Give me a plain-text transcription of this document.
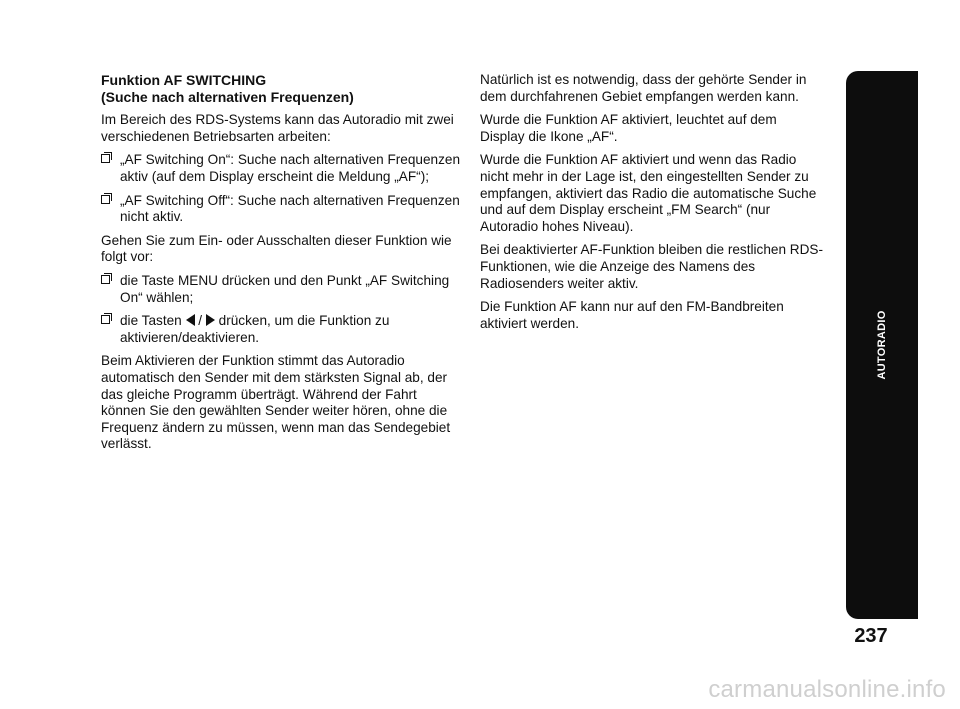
Funktion AF SWITCHING
(Suche nach alternativen Frequenzen)

Im Bereich des RDS-Systems kann das Autoradio mit zwei verschiedenen Betriebsarten arbeiten:

„AF Switching On“: Suche nach alternativen Frequenzen aktiv (auf dem Display erscheint die Meldung „AF“);
„AF Switching Off“: Suche nach alternativen Frequenzen nicht aktiv.

Gehen Sie zum Ein- oder Ausschalten dieser Funktion wie folgt vor:

die Taste MENU drücken und den Punkt „AF Switching On“ wählen;
die Tasten / drücken, um die Funktion zu aktivieren/deaktivieren.

Beim Aktivieren der Funktion stimmt das Autoradio automatisch den Sender mit dem stärksten Signal ab, der das gleiche Programm überträgt. Während der Fahrt können Sie den gewählten Sender weiter hören, ohne die Frequenz ändern zu müssen, wenn man das Sendegebiet verlässt.

Natürlich ist es notwendig, dass der gehörte Sender in dem durchfahrenen Gebiet empfangen werden kann.

Wurde die Funktion AF aktiviert, leuchtet auf dem Display die Ikone „AF“.

Wurde die Funktion AF aktiviert und wenn das Radio nicht mehr in der Lage ist, den eingestellten Sender zu empfangen, aktiviert das Radio die automatische Suche und auf dem Display erscheint „FM Search“ (nur Autoradio hohes Niveau).

Bei deaktivierter AF-Funktion bleiben die restlichen RDS-Funktionen, wie die Anzeige des Namens des Radiosenders weiter aktiv.

Die Funktion AF kann nur auf den FM-Bandbreiten aktiviert werden.	AUTORADIO
237
carmanualsonline.info
